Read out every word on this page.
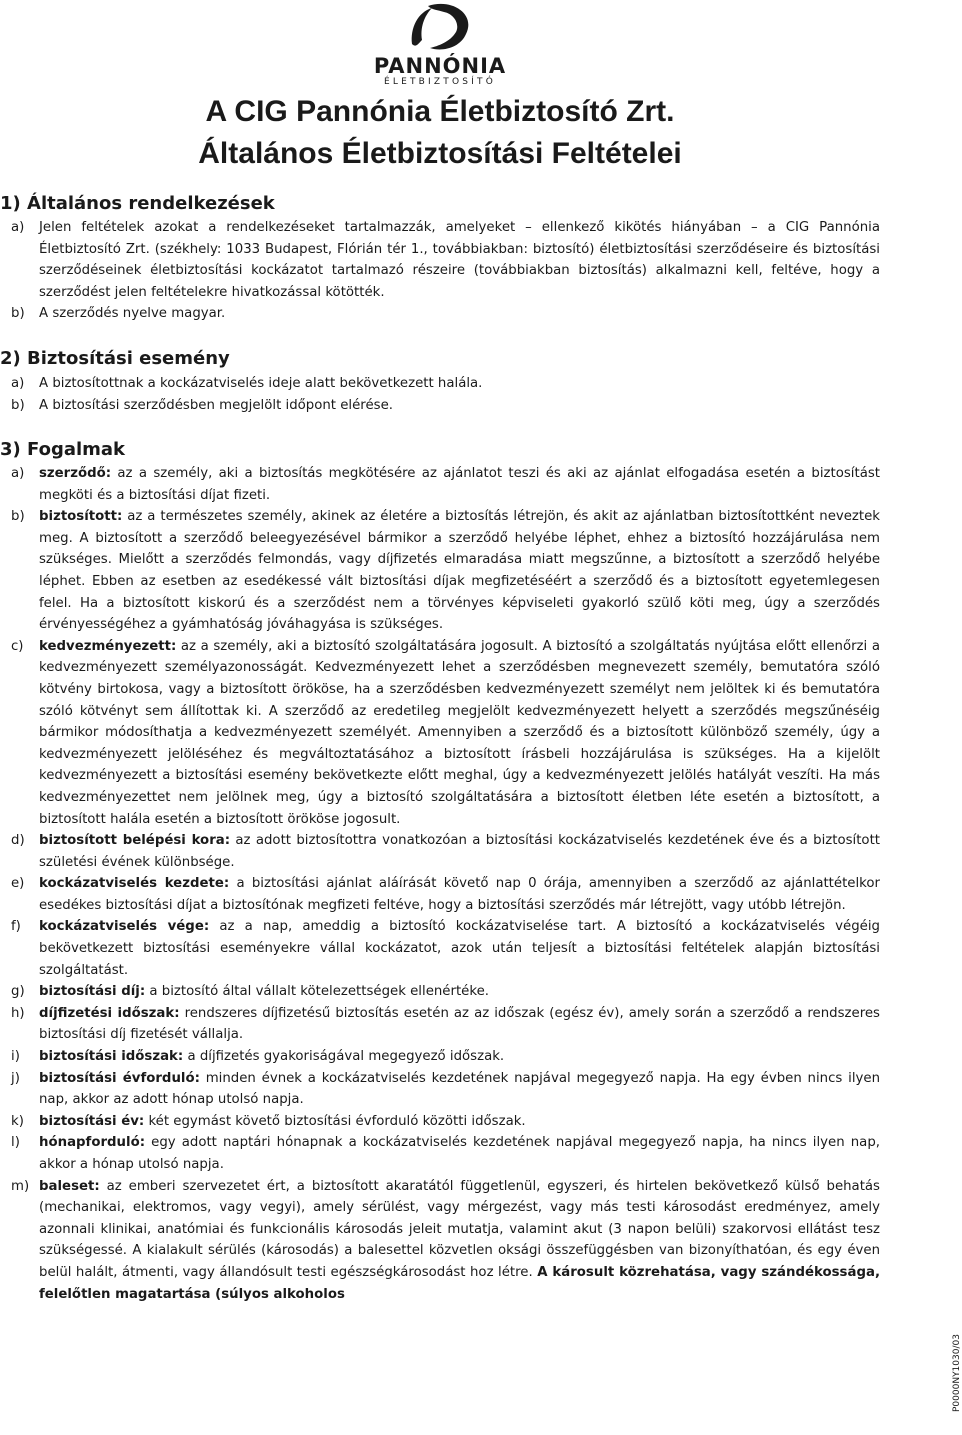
PANNÓNIA
ÉLETBIZTOSÍTÓ
A CIG Pannónia Életbiztosító Zrt.
Általános Életbiztosítási Feltételei
1) Általános rendelkezések
a) Jelen feltételek azokat a rendelkezéseket tartalmazzák, amelyeket – ellenkező kikötés hiányában – a CIG Pannónia Életbiztosító Zrt. (székhely: 1033 Budapest, Flórián tér 1., továbbiakban: biztosító) életbiztosítási szerződéseire és biztosítási szerződéseinek életbiztosítási kockázatot tartalmazó részeire (továbbiakban biztosítás) alkalmazni kell, feltéve, hogy a szerződést jelen feltételekre hivatkozással kötötték.
b) A szerződés nyelve magyar.
2) Biztosítási esemény
a) A biztosítottnak a kockázatviselés ideje alatt bekövetkezett halála.
b) A biztosítási szerződésben megjelölt időpont elérése.
3) Fogalmak
a) szerződő: az a személy, aki a biztosítás megkötésére az ajánlatot teszi és aki az ajánlat elfogadása esetén a biztosítást megköti és a biztosítási díjat fizeti.
b) biztosított: az a természetes személy, akinek az életére a biztosítás létrejön, és akit az ajánlatban biztosítottként neveztek meg. A biztosított a szerződő beleegyezésével bármikor a szerződő helyébe léphet, ehhez a biztosító hozzájárulása nem szükséges. Mielőtt a szerződés felmondás, vagy díjfizetés elmaradása miatt megszűnne, a biztosított a szerződő helyébe léphet. Ebben az esetben az esedékessé vált biztosítási díjak megfizetéséért a szerződő és a biztosított egyetemlegesen felel. Ha a biztosított kiskorú és a szerződést nem a törvényes képviseleti gyakorló szülő köti meg, úgy a szerződés érvényességéhez a gyámhatóság jóváhagyása is szükséges.
c) kedvezményezett: az a személy, aki a biztosító szolgáltatására jogosult. A biztosító a szolgáltatás nyújtása előtt ellenőrzi a kedvezményezett személyazonosságát. Kedvezményezett lehet a szerződésben megnevezett személy, bemutatóra szóló kötvény birtokosa, vagy a biztosított örököse, ha a szerződésben kedvezményezett személyt nem jelöltek ki és bemutatóra szóló kötvényt sem állítottak ki. A szerződő az eredetileg megjelölt kedvezményezett helyett a szerződés megszűnéséig bármikor módosíthatja a kedvezményezett személyét. Amennyiben a szerződő és a biztosított különböző személy, úgy a kedvezményezett jelöléséhez és megváltoztatásához a biztosított írásbeli hozzájárulása is szükséges. Ha a kijelölt kedvezményezett a biztosítási esemény bekövetkezte előtt meghal, úgy a kedvezményezett jelölés hatályát veszíti. Ha más kedvezményezettet nem jelölnek meg, úgy a biztosító szolgáltatására a biztosított életben léte esetén a biztosított, a biztosított halála esetén a biztosított örököse jogosult.
d) biztosított belépési kora: az adott biztosítottra vonatkozóan a biztosítási kockázatviselés kezdetének éve és a biztosított születési évének különbsége.
e) kockázatviselés kezdete: a biztosítási ajánlat aláírását követő nap 0 órája, amennyiben a szerződő az ajánlattételkor esedékes biztosítási díjat a biztosítónak megfizeti feltéve, hogy a biztosítási szerződés már létrejött, vagy utóbb létrejön.
f) kockázatviselés vége: az a nap, ameddig a biztosító kockázatviselése tart. A biztosító a kockázatviselés végéig bekövetkezett biztosítási eseményekre vállal kockázatot, azok után teljesít a biztosítási feltételek alapján biztosítási szolgáltatást.
g) biztosítási díj: a biztosító által vállalt kötelezettségek ellenértéke.
h) díjfizetési időszak: rendszeres díjfizetésű biztosítás esetén az az időszak (egész év), amely során a szerződő a rendszeres biztosítási díj fizetését vállalja.
i) biztosítási időszak: a díjfizetés gyakoriságával megegyező időszak.
j) biztosítási évforduló: minden évnek a kockázatviselés kezdetének napjával megegyező napja. Ha egy évben nincs ilyen nap, akkor az adott hónap utolsó napja.
k) biztosítási év: két egymást követő biztosítási évforduló közötti időszak.
l) hónapforduló: egy adott naptári hónapnak a kockázatviselés kezdetének napjával megegyező napja, ha nincs ilyen nap, akkor a hónap utolsó napja.
m) baleset: az emberi szervezetet ért, a biztosított akaratától függetlenül, egyszeri, és hirtelen bekövetkező külső behatás (mechanikai, elektromos, vagy vegyi), amely sérülést, vagy mérgezést, vagy más testi károsodást eredményez, amely azonnali klinikai, anatómiai és funkcionális károsodás jeleit mutatja, valamint akut (3 napon belüli) szakorvosi ellátást tesz szükségessé. A kialakult sérülés (károsodás) a balesettel közvetlen oksági összefüggésben van bizonyíthatóan, és egy éven belül halált, átmenti, vagy állandósult testi egészségkárosodást hoz létre. A károsult közrehatása, vagy szándékossága, felelőtlen magatartása (súlyos alkoholos
P0000NY1030/03
